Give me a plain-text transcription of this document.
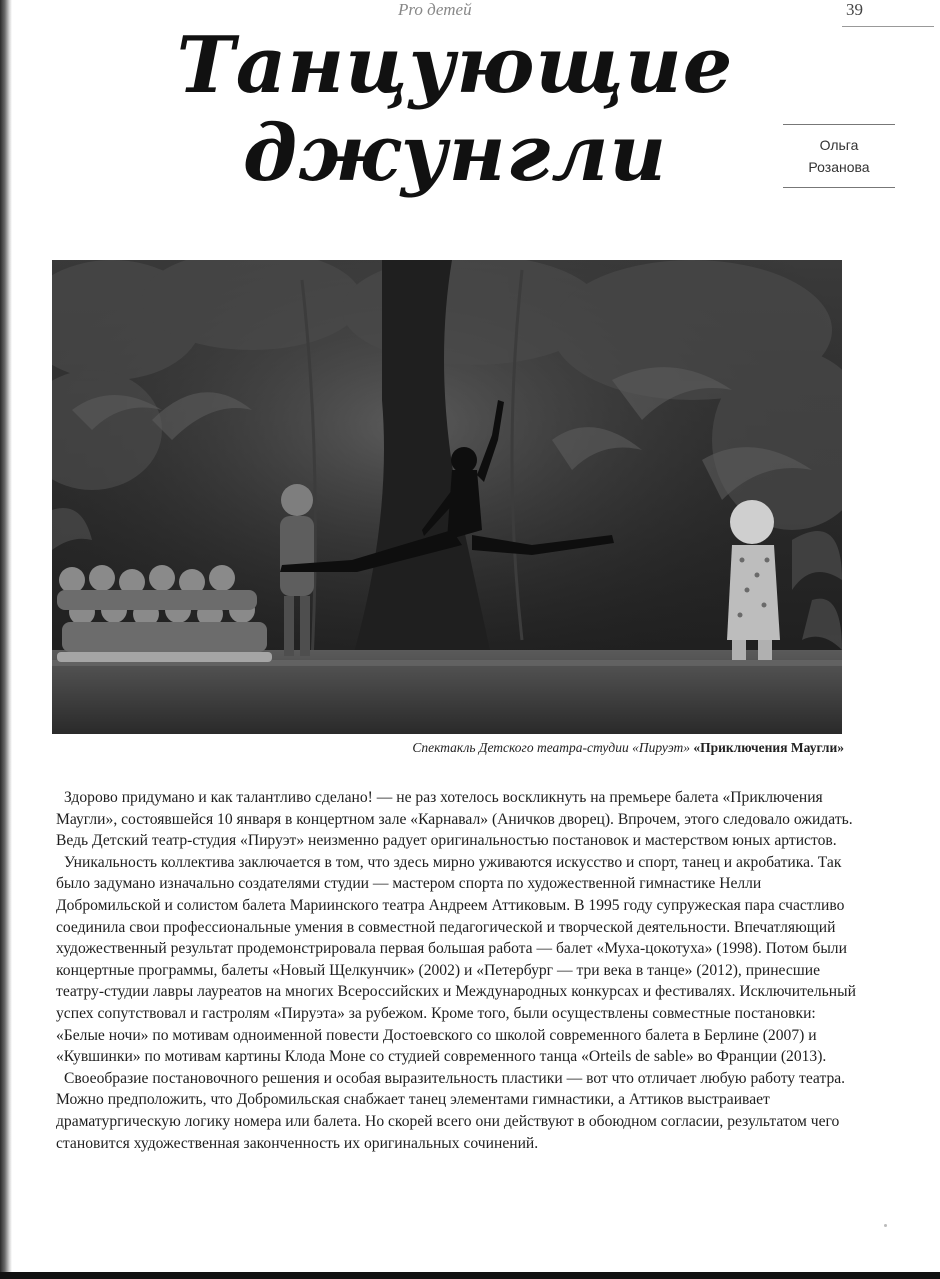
Pro детей	39
Танцующие
джунгли	Ольга
Розанова
Спектакль Детского театра-студии «Пируэт» «Приключения Маугли»

Здорово придумано и как талантливо сделано! — не раз хотелось воскликнуть на премьере балета «Приключения Маугли», состоявшейся 10 января в концертном зале «Карнавал» (Аничков дворец). Впрочем, этого следовало ожидать. Ведь Детский театр-студия «Пируэт» неизменно радует оригинальностью постановок и мастерством юных артистов.

Уникальность коллектива заключается в том, что здесь мирно уживаются искусство и спорт, танец и акробатика. Так было задумано изначально создателями студии — мастером спорта по художественной гимнастике Нелли Добромильской и солистом балета Мариинского театра Андреем Аттиковым. В 1995 году супружеская пара счастливо соединила свои профессиональные умения в совместной педагогической и творческой деятельности. Впечатляющий художественный результат продемонстрировала первая большая работа — балет «Муха-цокотуха» (1998). Потом были концертные программы, балеты «Новый Щелкунчик» (2002) и «Петербург — три века в танце» (2012), принесшие театру-студии лавры лауреатов на многих Всероссийских и Международных конкурсах и фестивалях. Исключительный успех сопутствовал и гастролям «Пируэта» за рубежом. Кроме того, были осуществлены совместные постановки: «Белые ночи» по мотивам одноименной повести Достоевского со школой современного балета в Берлине (2007) и «Кувшинки» по мотивам картины Клода Моне со студией современного танца «Orteils de sable» во Франции (2013).

Своеобразие постановочного решения и особая выразительность пластики — вот что отличает любую работу театра. Можно предположить, что Добромильская снабжает танец элементами гимнастики, а Аттиков выстраивает драматургическую логику номера или балета. Но скорей всего они действуют в обоюдном согласии, результатом чего становится художественная законченность их оригинальных сочинений.
